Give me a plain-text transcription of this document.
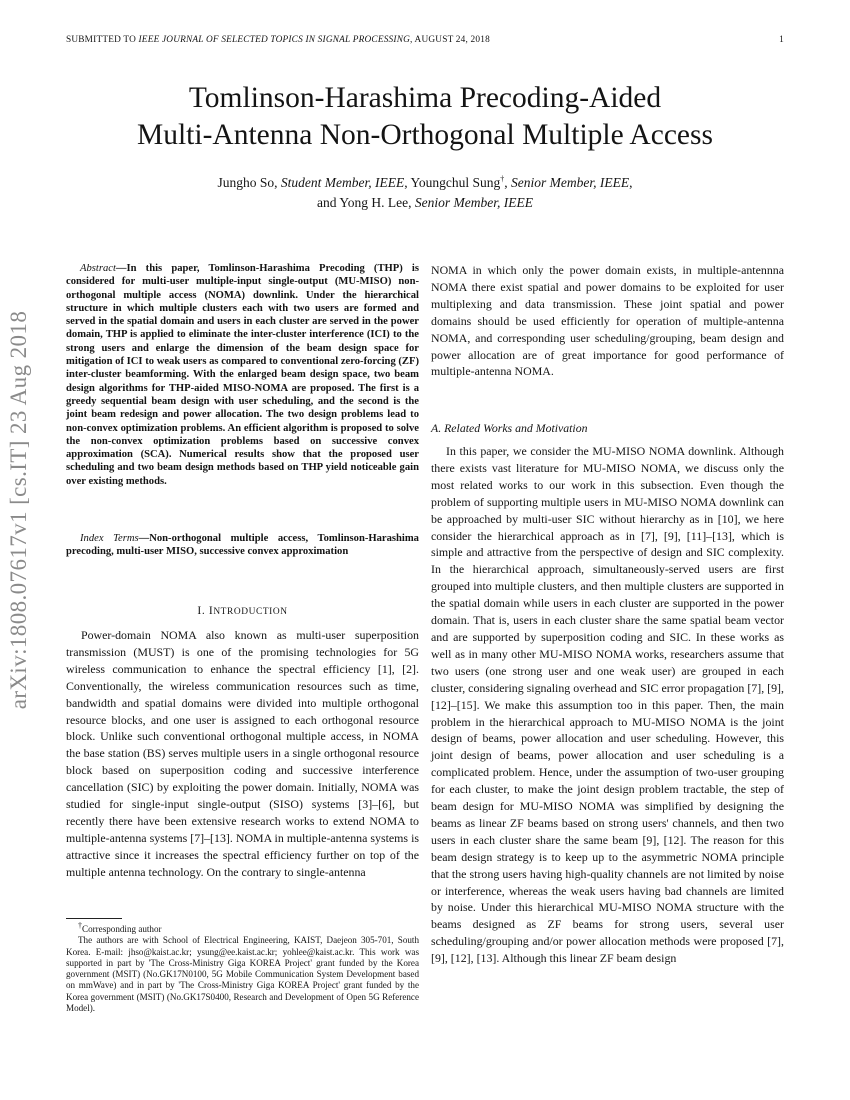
SUBMITTED TO IEEE JOURNAL OF SELECTED TOPICS IN SIGNAL PROCESSING, AUGUST 24, 2018	1
arXiv:1808.07617v1 [cs.IT] 23 Aug 2018
Tomlinson-Harashima Precoding-Aided
Multi-Antenna Non-Orthogonal Multiple Access
Jungho So, Student Member, IEEE, Youngchul Sung†, Senior Member, IEEE,
and Yong H. Lee, Senior Member, IEEE

Abstract—In this paper, Tomlinson-Harashima Precoding (THP) is considered for multi-user multiple-input single-output (MU-MISO) non-orthogonal multiple access (NOMA) downlink. Under the hierarchical structure in which multiple clusters each with two users are formed and served in the spatial domain and users in each cluster are served in the power domain, THP is applied to eliminate the inter-cluster interference (ICI) to the strong users and enlarge the dimension of the beam design space for mitigation of ICI to weak users as compared to conventional zero-forcing (ZF) inter-cluster beamforming. With the enlarged beam design space, two beam design algorithms for THP-aided MISO-NOMA are proposed. The first is a greedy sequential beam design with user scheduling, and the second is the joint beam redesign and power allocation. The two design problems lead to non-convex optimization problems. An efficient algorithm is proposed to solve the non-convex optimization problems based on successive convex approximation (SCA). Numerical results show that the proposed user scheduling and two beam design methods based on THP yield noticeable gain over existing methods.

Index Terms—Non-orthogonal multiple access, Tomlinson-Harashima precoding, multi-user MISO, successive convex approximation

I. INTRODUCTION

Power-domain NOMA also known as multi-user superposition transmission (MUST) is one of the promising technologies for 5G wireless communication to enhance the spectral efficiency [1], [2]. Conventionally, the wireless communication resources such as time, bandwidth and spatial domains were divided into multiple orthogonal resource blocks, and one user is assigned to each orthogonal resource block. Unlike such conventional orthogonal multiple access, in NOMA the base station (BS) serves multiple users in a single orthogonal resource block based on superposition coding and successive interference cancellation (SIC) by exploiting the power domain. Initially, NOMA was studied for single-input single-output (SISO) systems [3]–[6], but recently there have been extensive research works to extend NOMA to multiple-antenna systems [7]–[13]. NOMA in multiple-antenna systems is attractive since it increases the spectral efficiency further on top of the multiple antenna technology. On the contrary to single-antenna

†Corresponding author

The authors are with School of Electrical Engineering, KAIST, Daejeon 305-701, South Korea. E-mail: jhso@kaist.ac.kr; ysung@ee.kaist.ac.kr; yohlee@kaist.ac.kr. This work was supported in part by 'The Cross-Ministry Giga KOREA Project' grant funded by the Korea government (MSIT) (No.GK17N0100, 5G Mobile Communication System Development based on mmWave) and in part by 'The Cross-Ministry Giga KOREA Project' grant funded by the Korea government (MSIT) (No.GK17S0400, Research and Development of Open 5G Reference Model).

NOMA in which only the power domain exists, in multiple-antennna NOMA there exist spatial and power domains to be exploited for user multiplexing and data transmission. These joint spatial and power domains should be used efficiently for operation of multiple-antenna NOMA, and corresponding user scheduling/grouping, beam design and power allocation are of great importance for good performance of multiple-antenna NOMA.

A. Related Works and Motivation

In this paper, we consider the MU-MISO NOMA downlink. Although there exists vast literature for MU-MISO NOMA, we discuss only the most related works to our work in this subsection. Even though the problem of supporting multiple users in MU-MISO NOMA downlink can be approached by multi-user SIC without hierarchy as in [10], we here consider the hierarchical approach as in [7], [9], [11]–[13], which is simple and attractive from the perspective of design and SIC complexity. In the hierarchical approach, simultaneously-served users are first grouped into multiple clusters, and then multiple clusters are supported in the spatial domain while users in each cluster are supported in the power domain. That is, users in each cluster share the same spatial beam vector and are supported by superposition coding and SIC. In these works as well as in many other MU-MISO NOMA works, researchers assume that two users (one strong user and one weak user) are grouped in each cluster, considering signaling overhead and SIC error propagation [7], [9], [12]–[15]. We make this assumption too in this paper. Then, the main problem in the hierarchical approach to MU-MISO NOMA is the joint design of beams, power allocation and user scheduling. However, this joint design of beams, power allocation and user scheduling is a complicated problem. Hence, under the assumption of two-user grouping for each cluster, to make the joint design problem tractable, the step of beam design for MU-MISO NOMA was simplified by designing the beams as linear ZF beams based on strong users' channels, and then two users in each cluster share the same beam [9], [12]. The reason for this beam design strategy is to keep up to the asymmetric NOMA principle that the strong users having high-quality channels are not limited by noise or interference, whereas the weak users having bad channels are limited by noise. Under this hierarchical MU-MISO NOMA structure with the beams designed as ZF beams for strong users, several user scheduling/grouping and/or power allocation methods were proposed [7], [9], [12], [13]. Although this linear ZF beam design
